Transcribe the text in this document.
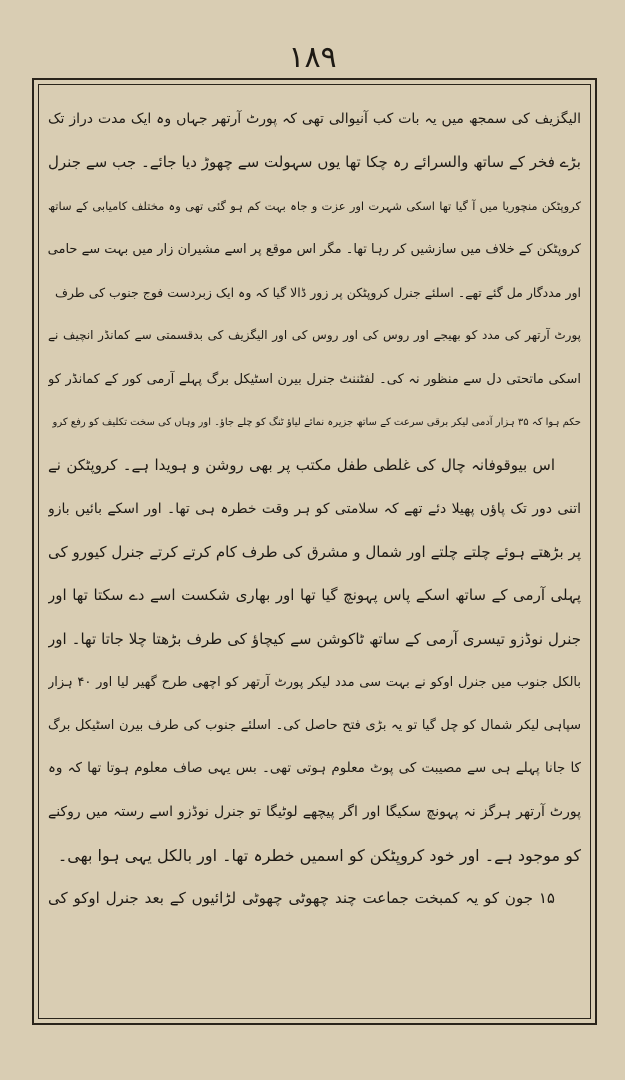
۱۸۹
الیگزیف کی سمجھ میں یہ بات کب آنیوالی تھی کہ پورٹ آرتھر جہاں وہ ایک مدت دراز تک
بڑے فخر کے ساتھ والسرائے رہ چکا تھا یوں سہولت سے چھوڑ دیا جائے۔ جب سے جنرل
کروپٹکن منچوریا میں آ گیا تھا اسکی شہرت اور عزت و جاہ بہت کم ہو گئی تھی وہ مختلف کامیابی کے ساتھ
کروپٹکن کے خلاف میں سازشیں کر رہا تھا۔ مگر اس موقع پر اسے مشیران زار میں بہت سے حامی
اور مددگار مل گئے تھے۔ اسلئے جنرل کروپٹکن پر زور ڈالا گیا کہ وہ ایک زبردست فوج جنوب کی طرف
پورٹ آرتھر کی مدد کو بھیجے اور روس کی اور روس کی اور الیگزیف کی بدقسمتی سے کمانڈر انچیف نے
اسکی ماتحتی دل سے منظور نہ کی۔ لفٹننٹ جنرل بیرن اسٹیکل برگ پہلے آرمی کور کے کمانڈر کو
حکم ہوا کہ ۳۵ ہزار آدمی لیکر برقی سرعت کے ساتھ جزیرہ نمائے لیاؤ ٹنگ کو چلے جاؤ۔ اور وہاں کی سخت تکلیف کو رفع کرو
اس بیوقوفانہ چال کی غلطی طفل مکتب پر بھی روشن و ہویدا ہے۔ کروپٹکن نے
اتنی دور تک پاؤں پھیلا دئے تھے کہ سلامتی کو ہر وقت خطرہ ہی تھا۔ اور اسکے بائیں بازو
پر بڑھتے ہوئے چلتے چلتے اور شمال و مشرق کی طرف کام کرتے کرتے جنرل کیورو کی
پہلی آرمی کے ساتھ اسکے پاس پہونچ گیا تھا اور بھاری شکست اسے دے سکتا تھا اور
جنرل نوڈزو تیسری آرمی کے ساتھ ٹاکوشن سے کیچاؤ کی طرف بڑھتا چلا جاتا تھا۔ اور
بالکل جنوب میں جنرل اوکو نے بہت سی مدد لیکر پورٹ آرتھر کو اچھی طرح گھیر لیا اور ۴۰ ہزار
سپاہی لیکر شمال کو چل گیا تو یہ بڑی فتح حاصل کی۔ اسلئے جنوب کی طرف بیرن اسٹیکل برگ
کا جانا پہلے ہی سے مصیبت کی پوٹ معلوم ہوتی تھی۔ بس یہی صاف معلوم ہوتا تھا کہ وہ
پورٹ آرتھر ہرگز نہ پہونچ سکیگا اور اگر پیچھے لوٹیگا تو جنرل نوڈزو اسے رستہ میں روکنے
کو موجود ہے۔ اور خود کروپٹکن کو اسمیں خطرہ تھا۔ اور بالکل یہی ہوا بھی۔
۱۵ جون کو یہ کمبخت جماعت چند چھوٹی چھوٹی لڑائیوں کے بعد جنرل اوکو کی
